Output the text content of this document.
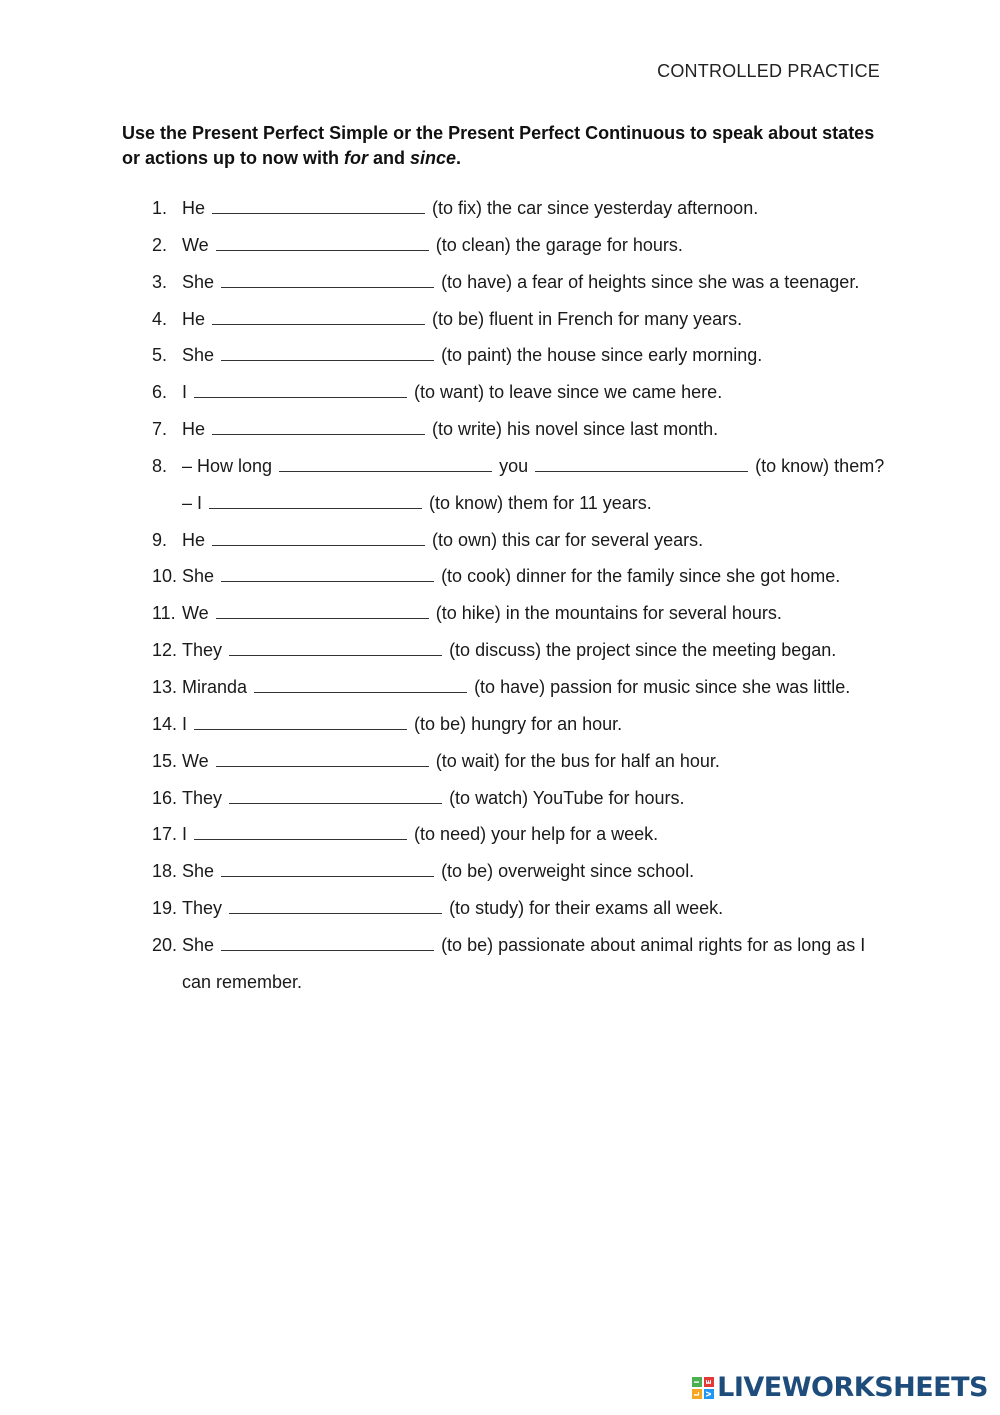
CONTROLLED PRACTICE
Use the Present Perfect Simple or the Present Perfect Continuous to speak about states or actions up to now with for and since.
1. He	(to fix) the car since yesterday afternoon.
2. We	(to clean) the garage for hours.
3. She	(to have) a fear of heights since she was a teenager.
4. He	(to be) fluent in French for many years.
5. She	(to paint) the house since early morning.
6. I	(to want) to leave since we came here.
7. He	(to write) his novel since last month.
8. – How long	you	(to know) them? – I	(to know) them for 11 years.
9. He	(to own) this car for several years.
10. She	(to cook) dinner for the family since she got home.
11. We	(to hike) in the mountains for several hours.
12. They	(to discuss) the project since the meeting began.
13. Miranda	(to have) passion for music since she was little.
14. I	(to be) hungry for an hour.
15. We	(to wait) for the bus for half an hour.
16. They	(to watch) YouTube for hours.
17. I	(to need) your help for a week.
18. She	(to be) overweight since school.
19. They	(to study) for their exams all week.
20. She	(to be) passionate about animal rights for as long as I can remember.
L
I
V
E LIVEWORKSHEETS
